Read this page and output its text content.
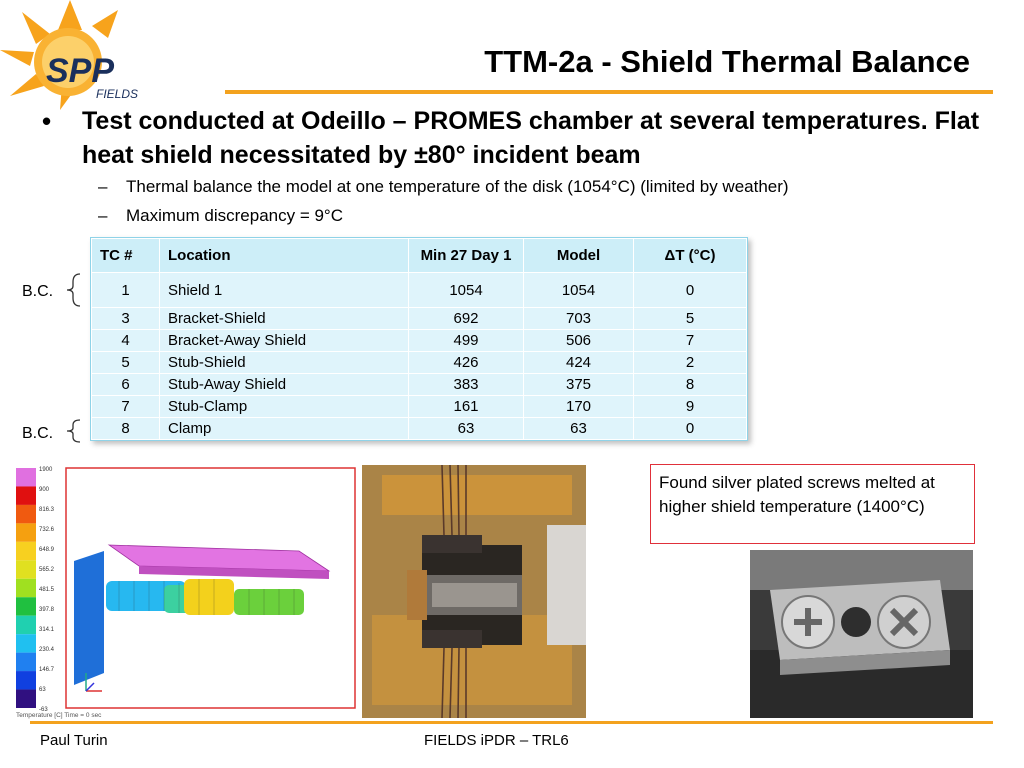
SPP
FIELDS
TTM-2a - Shield Thermal Balance
• Test conducted at Odeillo – PROMES chamber at several temperatures. Flat heat shield necessitated by ±80° incident beam
– Thermal balance the model at one temperature of the disk (1054°C) (limited by weather)
– Maximum discrepancy = 9°C
TC #	Location	Min 27 Day 1	Model	ΔT (°C)
1	Shield 1	1054	1054	0
3	Bracket-Shield	692	703	5
4	Bracket-Away Shield	499	506	7
5	Stub-Shield	426	424	2
6	Stub-Away Shield	383	375	8
7	Stub-Clamp	161	170	9
8	Clamp	63	63	0
B.C.
B.C.
1900
900
816.3
732.6
648.9
565.2
481.5
397.8
314.1
230.4
146.7
63
-63
Temperature [C] Time = 0 sec
Found silver plated screws melted at higher shield temperature (1400°C)
Paul Turin	FIELDS iPDR – TRL6
